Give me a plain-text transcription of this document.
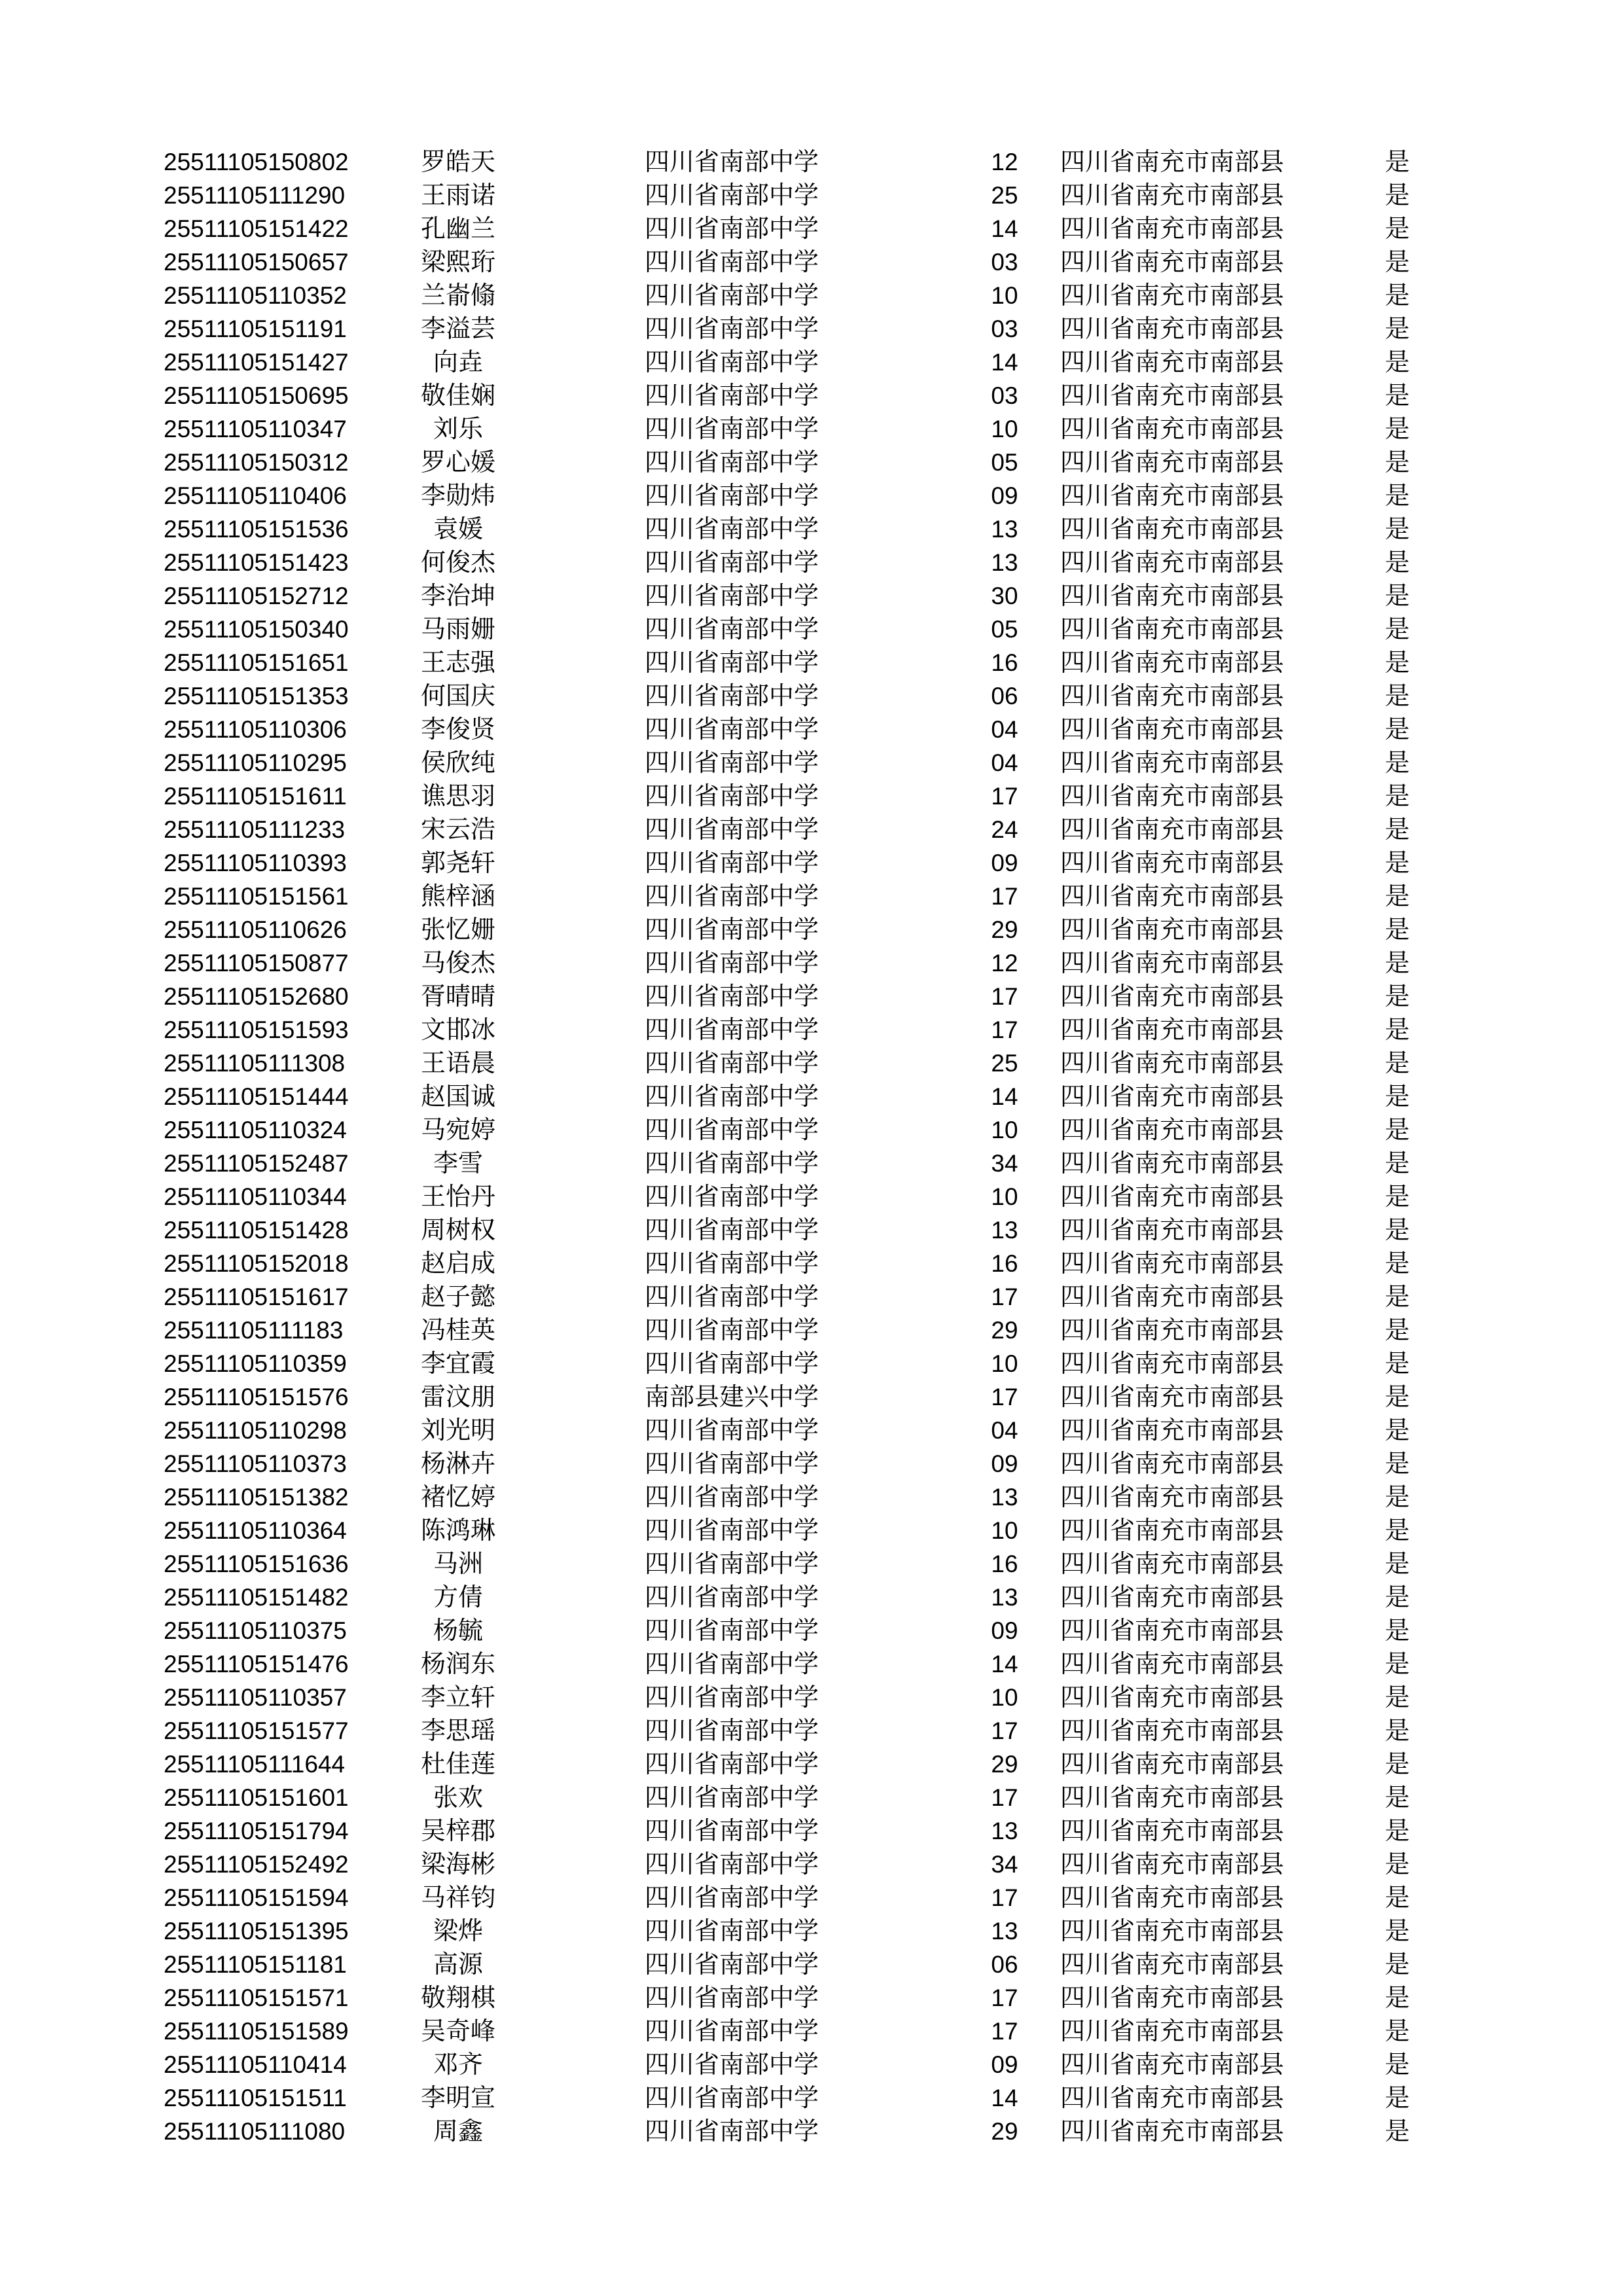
25511105150802	罗皓天	四川省南部中学	12	四川省南充市南部县	是
25511105111290	王雨诺	四川省南部中学	25	四川省南充市南部县	是
25511105151422	孔幽兰	四川省南部中学	14	四川省南充市南部县	是
25511105150657	梁熙珩	四川省南部中学	03	四川省南充市南部县	是
25511105110352	兰嵛翛	四川省南部中学	10	四川省南充市南部县	是
25511105151191	李溢芸	四川省南部中学	03	四川省南充市南部县	是
25511105151427	向垚	四川省南部中学	14	四川省南充市南部县	是
25511105150695	敬佳娴	四川省南部中学	03	四川省南充市南部县	是
25511105110347	刘乐	四川省南部中学	10	四川省南充市南部县	是
25511105150312	罗心媛	四川省南部中学	05	四川省南充市南部县	是
25511105110406	李勋炜	四川省南部中学	09	四川省南充市南部县	是
25511105151536	袁媛	四川省南部中学	13	四川省南充市南部县	是
25511105151423	何俊杰	四川省南部中学	13	四川省南充市南部县	是
25511105152712	李治坤	四川省南部中学	30	四川省南充市南部县	是
25511105150340	马雨姗	四川省南部中学	05	四川省南充市南部县	是
25511105151651	王志强	四川省南部中学	16	四川省南充市南部县	是
25511105151353	何国庆	四川省南部中学	06	四川省南充市南部县	是
25511105110306	李俊贤	四川省南部中学	04	四川省南充市南部县	是
25511105110295	侯欣纯	四川省南部中学	04	四川省南充市南部县	是
25511105151611	谯思羽	四川省南部中学	17	四川省南充市南部县	是
25511105111233	宋云浩	四川省南部中学	24	四川省南充市南部县	是
25511105110393	郭尧轩	四川省南部中学	09	四川省南充市南部县	是
25511105151561	熊梓涵	四川省南部中学	17	四川省南充市南部县	是
25511105110626	张忆姗	四川省南部中学	29	四川省南充市南部县	是
25511105150877	马俊杰	四川省南部中学	12	四川省南充市南部县	是
25511105152680	胥晴晴	四川省南部中学	17	四川省南充市南部县	是
25511105151593	文邯冰	四川省南部中学	17	四川省南充市南部县	是
25511105111308	王语晨	四川省南部中学	25	四川省南充市南部县	是
25511105151444	赵国诚	四川省南部中学	14	四川省南充市南部县	是
25511105110324	马宛婷	四川省南部中学	10	四川省南充市南部县	是
25511105152487	李雪	四川省南部中学	34	四川省南充市南部县	是
25511105110344	王怡丹	四川省南部中学	10	四川省南充市南部县	是
25511105151428	周树权	四川省南部中学	13	四川省南充市南部县	是
25511105152018	赵启成	四川省南部中学	16	四川省南充市南部县	是
25511105151617	赵子懿	四川省南部中学	17	四川省南充市南部县	是
25511105111183	冯桂英	四川省南部中学	29	四川省南充市南部县	是
25511105110359	李宜霞	四川省南部中学	10	四川省南充市南部县	是
25511105151576	雷汶朋	南部县建兴中学	17	四川省南充市南部县	是
25511105110298	刘光明	四川省南部中学	04	四川省南充市南部县	是
25511105110373	杨淋卉	四川省南部中学	09	四川省南充市南部县	是
25511105151382	褚忆婷	四川省南部中学	13	四川省南充市南部县	是
25511105110364	陈鸿琳	四川省南部中学	10	四川省南充市南部县	是
25511105151636	马洲	四川省南部中学	16	四川省南充市南部县	是
25511105151482	方倩	四川省南部中学	13	四川省南充市南部县	是
25511105110375	杨毓	四川省南部中学	09	四川省南充市南部县	是
25511105151476	杨润东	四川省南部中学	14	四川省南充市南部县	是
25511105110357	李立轩	四川省南部中学	10	四川省南充市南部县	是
25511105151577	李思瑶	四川省南部中学	17	四川省南充市南部县	是
25511105111644	杜佳莲	四川省南部中学	29	四川省南充市南部县	是
25511105151601	张欢	四川省南部中学	17	四川省南充市南部县	是
25511105151794	吴梓郡	四川省南部中学	13	四川省南充市南部县	是
25511105152492	梁海彬	四川省南部中学	34	四川省南充市南部县	是
25511105151594	马祥钧	四川省南部中学	17	四川省南充市南部县	是
25511105151395	梁烨	四川省南部中学	13	四川省南充市南部县	是
25511105151181	高源	四川省南部中学	06	四川省南充市南部县	是
25511105151571	敬翔棋	四川省南部中学	17	四川省南充市南部县	是
25511105151589	吴奇峰	四川省南部中学	17	四川省南充市南部县	是
25511105110414	邓齐	四川省南部中学	09	四川省南充市南部县	是
25511105151511	李明宣	四川省南部中学	14	四川省南充市南部县	是
25511105111080	周鑫	四川省南部中学	29	四川省南充市南部县	是
